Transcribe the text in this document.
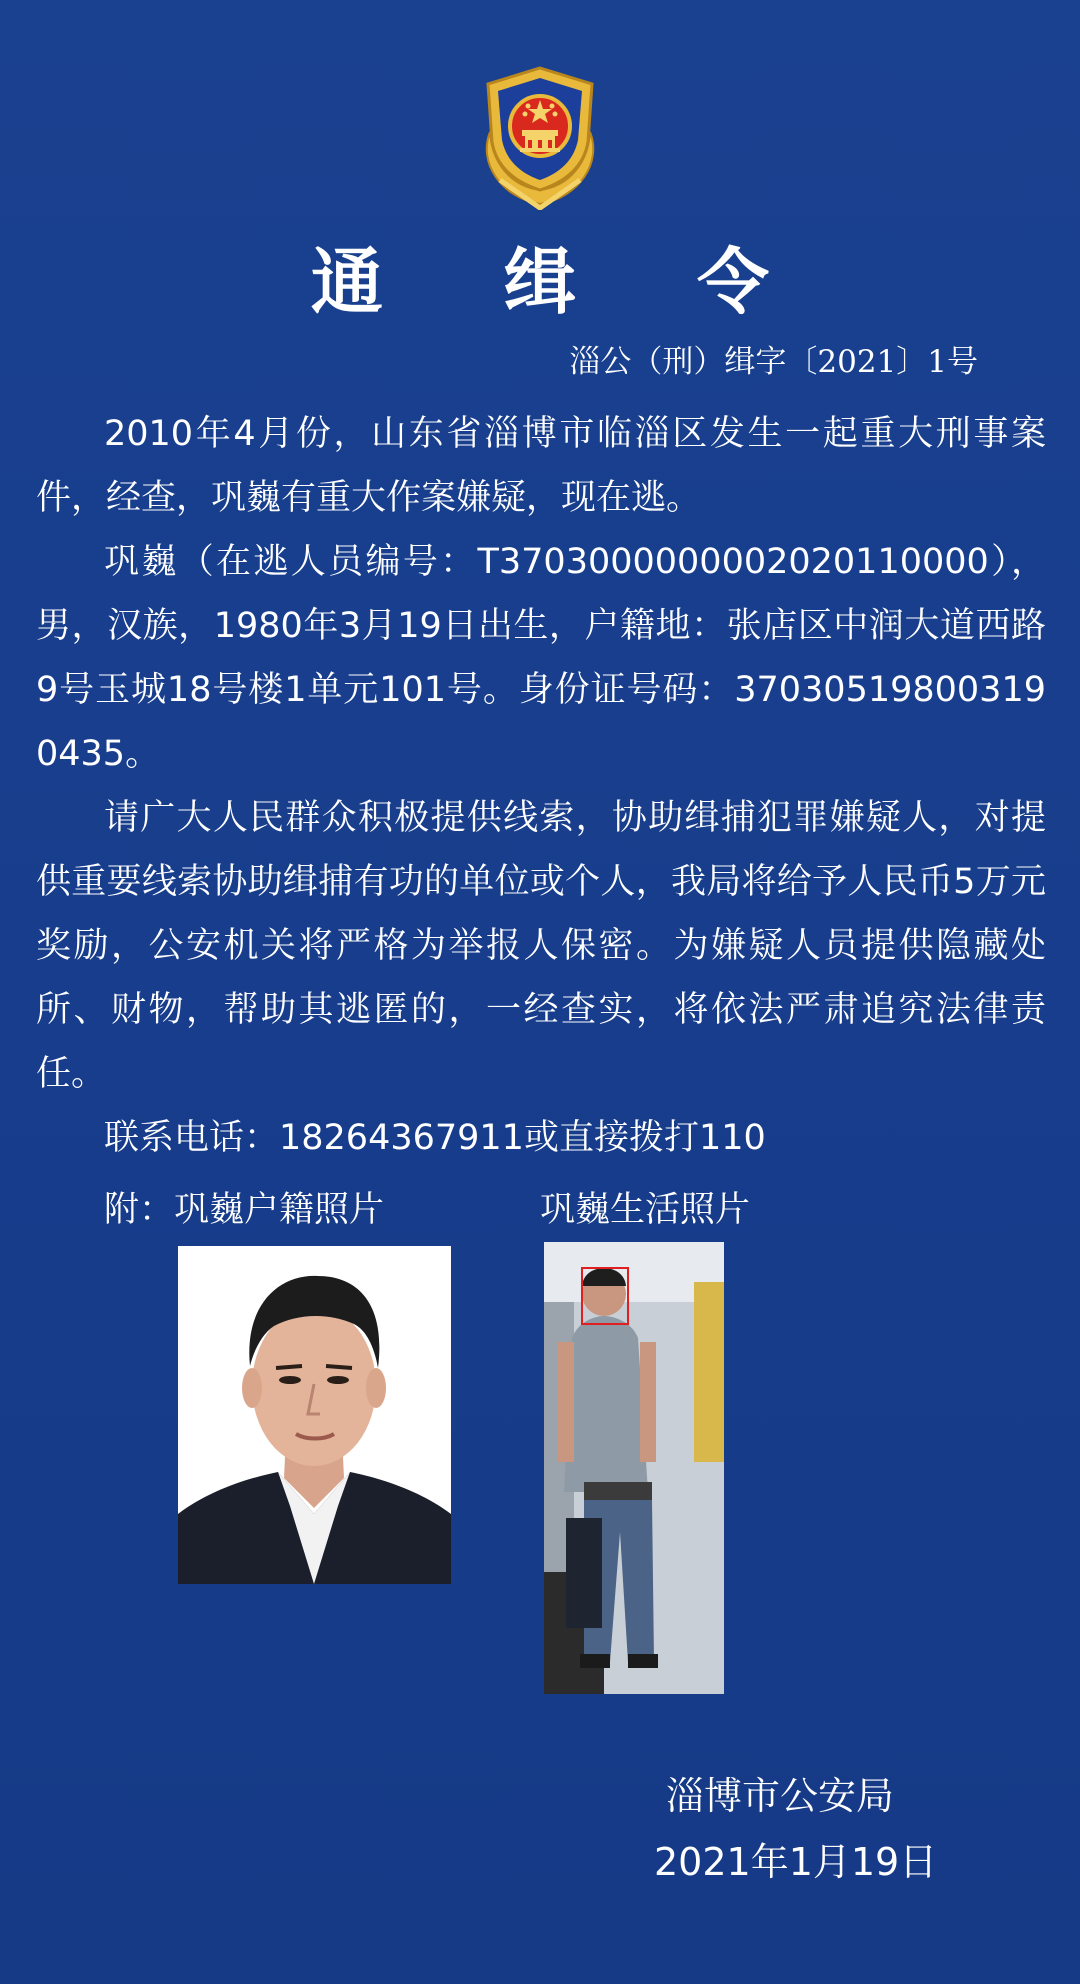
通 缉 令
淄公（刑）缉字〔2021〕1号

2010年4月份，山东省淄博市临淄区发生一起重大刑事案件，经查，巩巍有重大作案嫌疑，现在逃。

巩巍（在逃人员编号：T3703000000002020110000），男，汉族，1980年3月19日出生，户籍地：张店区中润大道西路9号玉城18号楼1单元101号。身份证号码：370305198003190435。

请广大人民群众积极提供线索，协助缉捕犯罪嫌疑人，对提供重要线索协助缉捕有功的单位或个人，我局将给予人民币5万元奖励，公安机关将严格为举报人保密。为嫌疑人员提供隐藏处所、财物，帮助其逃匿的，一经查实，将依法严肃追究法律责任。

联系电话：18264367911或直接拨打110

附：巩巍户籍照片	巩巍生活照片
淄博市公安局
2021年1月19日
